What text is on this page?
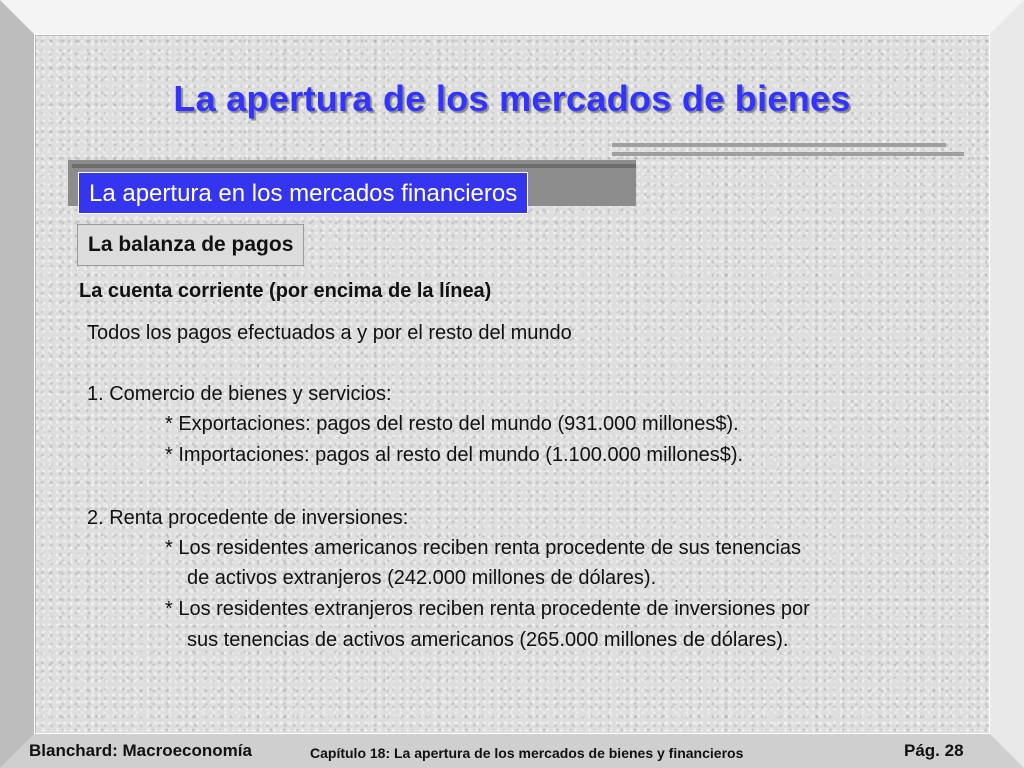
La apertura de los mercados de bienes
La apertura en los mercados financieros
La balanza de pagos
La cuenta corriente (por encima de la línea)
Todos los pagos efectuados a y por el resto del mundo
1. Comercio de bienes y servicios:
* Exportaciones: pagos del resto del mundo (931.000 millones$).
* Importaciones: pagos al resto del mundo (1.100.000 millones$).
2. Renta procedente de inversiones:
* Los residentes americanos reciben renta procedente de sus tenencias
de activos extranjeros (242.000 millones de dólares).
* Los residentes extranjeros reciben renta procedente de inversiones por
sus tenencias de activos americanos (265.000 millones de dólares).
Blanchard: Macroeconomía	Capítulo 18: La apertura de los mercados de bienes y financieros	Pág. 28
